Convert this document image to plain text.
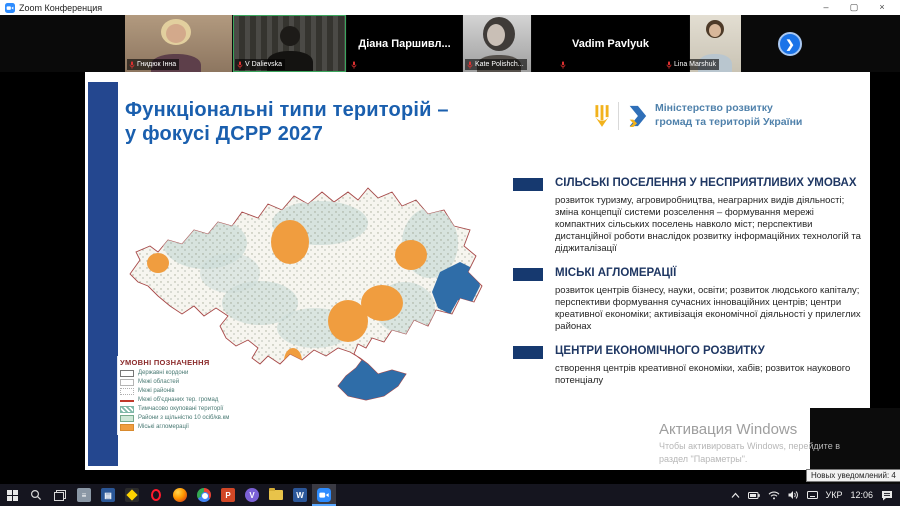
Zoom Конференция	–	▢	×
Гнидюк Інна	V Dalievska
Діана Паршивл...
Kate Polishch...
Vadim Pavlyuk
Lina Marshuk
❯
Функціональні типи територій –
у фокусі ДСРР 2027
Міністерство розвитку
громад та територій України
УМОВНІ ПОЗНАЧЕННЯ
Державні кордони
Межі областей
Межі районів
Межі об'єднаних тер. громад
Тимчасово окуповані території
Райони з щільністю 10 осіб/кв.км
Міські агломерації
СІЛЬСЬКІ ПОСЕЛЕННЯ У НЕСПРИЯТЛИВИХ УМОВАХ
розвиток туризму, агровиробництва, неаграрних видів діяльності; зміна концепції системи розселення – формування мережі компактних сільських поселень навколо міст; перспективи дистанційної роботи внаслідок розвитку інформаційних технологій та діджиталізації
МІСЬКІ АГЛОМЕРАЦІЇ
розвиток центрів бізнесу, науки, освіти; розвиток людського капіталу; перспективи формування сучасних інноваційних центрів; центри креативної економіки; активізація економічної діяльності у прилеглих районах
ЦЕНТРИ ЕКОНОМІЧНОГО РОЗВИТКУ
створення центрів креативної економіки, хабів; розвиток наукового потенціалу
Активация Windows
Чтобы активировать Windows, перейдите в раздел "Параметры".
Новых уведомлений: 4
≡	▤	P	V	W	УКР 12:06
